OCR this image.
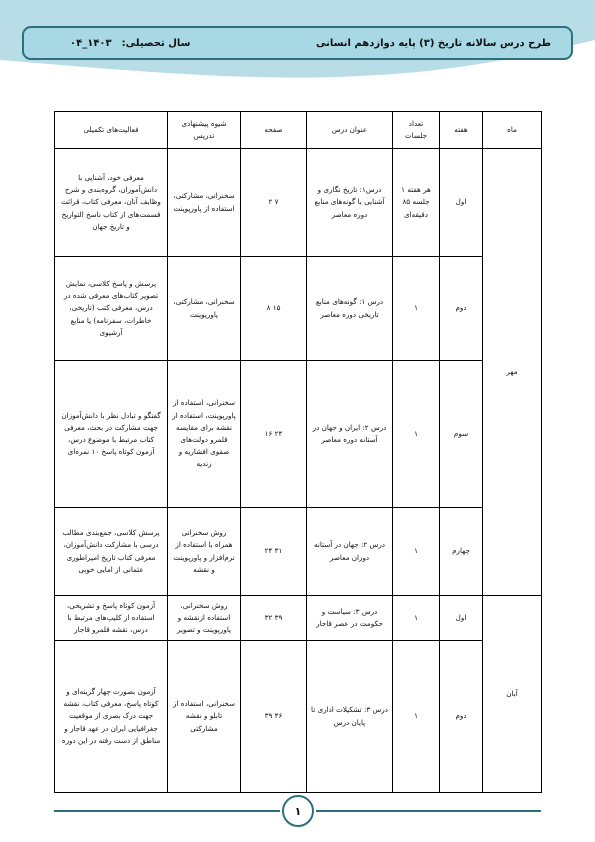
طرح درس سالانه تاریخ (۳) پایه دوازدهم انسانی
سال تحصیلی:
۱۴۰۳_۰۴
ماه	هفته	تعداد جلسات	عنوان درس	صفحه	شیوه پیشنهادی تدریس	فعالیت‌های تکمیلی
مهر	اول	هر هفته ۱ جلسه ۸۵ دقیقه‌ای	درس۱: تاریخ نگاری و آشنایی با گونه‌های منابع دوره معاصر	۲ ۷	سخنرانی، مشارکتی، استفاده از پاورپوینت	معرفی خود، آشنایی با دانش‌آموزان، گروه‌بندی و شرح وظایف آنان، معرفی کتاب، قرائت قسمت‌های از کتاب ناسخ التواریخ و تاریخ جهان
	دوم	۱	درس ۱: گونه‌های منابع تاریخی دوره معاصر	۸ ۱۵	سخنرانی، مشارکتی، پاورپوینت	پرسش و پاسخ کلاسی، نمایش تصویر کتاب‌های معرفی شده در درس، معرفی کتب (تاریخی، خاطرات، سفرنامه) یا منابع آرشیوی
	سوم	۱	درس ۲: ایران و جهان در آستانه دوره معاصر	۱۶ ۲۴	سخنرانی، استفاده از پاورپوینت، استفاده از نقشه برای مقایسه قلمرو دولت‌های صفوی افشاریه و زندیه	گفتگو و تبادل نظر با دانش‌آموزان جهت مشارکت در بحث، معرفی کتاب مرتبط با موضوع درس، آزمون کوتاه پاسخ ۱۰ نمره‌ای
	چهارم	۱	درس ۲: جهان در آستانه دوران معاصر	۲۴ ۳۱	روش سخنرانی همراه با استفاده از نرم‌افزار و پاورپوینت و نقشه	پرسش کلاسی، جمع‌بندی مطالب درسی با مشارکت دانش‌آموزان، معرفی کتاب تاریخ امپراطوری عثمانی از امایی خوبی
آبان	اول	۱	درس ۳: سیاست و حکومت در عصر قاجار	۳۲ ۳۹	روش سخنرانی، استفاده ازنقشه و پاورپوینت و تصویر	آزمون کوتاه پاسخ و تشریحی، استفاده از کلیپ‌های مرتبط با درس، نقشه قلمرو قاجار
	دوم	۱	درس ۳: تشکیلات اداری تا پایان درس	۳۹ ۴۶	سخنرانی، استفاده از تابلو و نقشه مشارکتی	آزمون بصورت چهار گزینه‌ای و کوتاه پاسخ، معرفی کتاب، نقشه جهت درک بصری از موقعیت جغرافیایی ایران در عهد قاجار و مناطق از دست رفته در این دوره
۱
